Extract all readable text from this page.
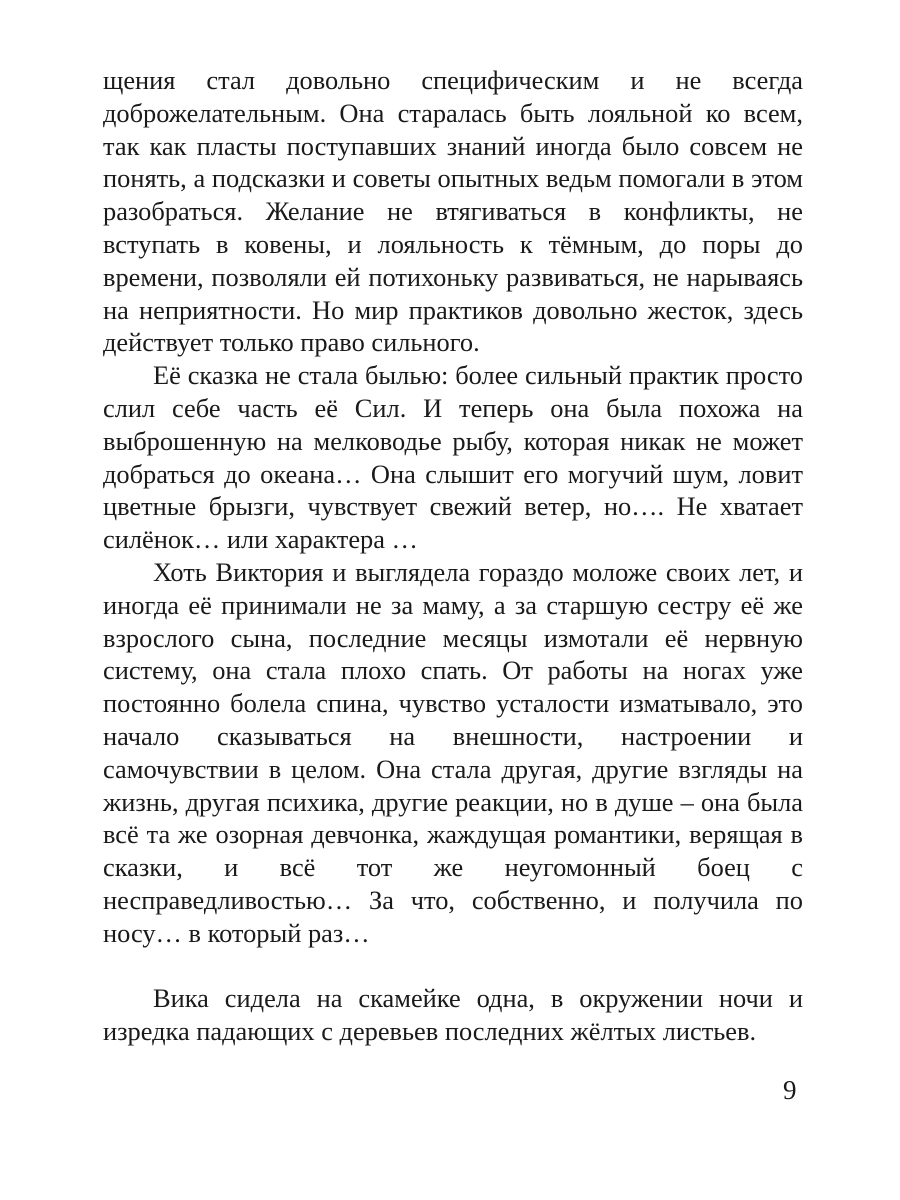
щения стал довольно специфическим и не всегда доброжелательным. Она старалась быть лояльной ко всем, так как пласты поступавших знаний иногда было совсем не понять, а подсказки и советы опытных ведьм помогали в этом разобраться. Желание не втягиваться в конфликты, не вступать в ковены, и лояльность к тёмным, до поры до времени, позволяли ей потихоньку развиваться, не нарываясь на неприятности. Но мир практиков довольно жесток, здесь действует только право сильного.

Её сказка не стала былью: более сильный практик просто слил себе часть её Сил. И теперь она была похожа на выброшенную на мелководье рыбу, которая никак не может добраться до океана… Она слышит его могучий шум, ловит цветные брызги, чувствует свежий ветер, но…. Не хватает силёнок… или характера …

Хоть Виктория и выглядела гораздо моложе своих лет, и иногда её принимали не за маму, а за старшую сестру её же взрослого сына, последние месяцы измотали её нервную систему, она стала плохо спать. От работы на ногах уже постоянно болела спина, чувство усталости изматывало, это начало сказываться на внешности, настроении и самочувствии в целом. Она стала другая, другие взгляды на жизнь, другая психика, другие реакции, но в душе – она была всё та же озорная девчонка, жаждущая романтики, верящая в сказки, и всё тот же неугомонный боец с несправедливостью… За что, собственно, и получила по носу… в который раз…

Вика сидела на скамейке одна, в окружении ночи и изредка падающих с деревьев последних жёлтых листьев.

9
